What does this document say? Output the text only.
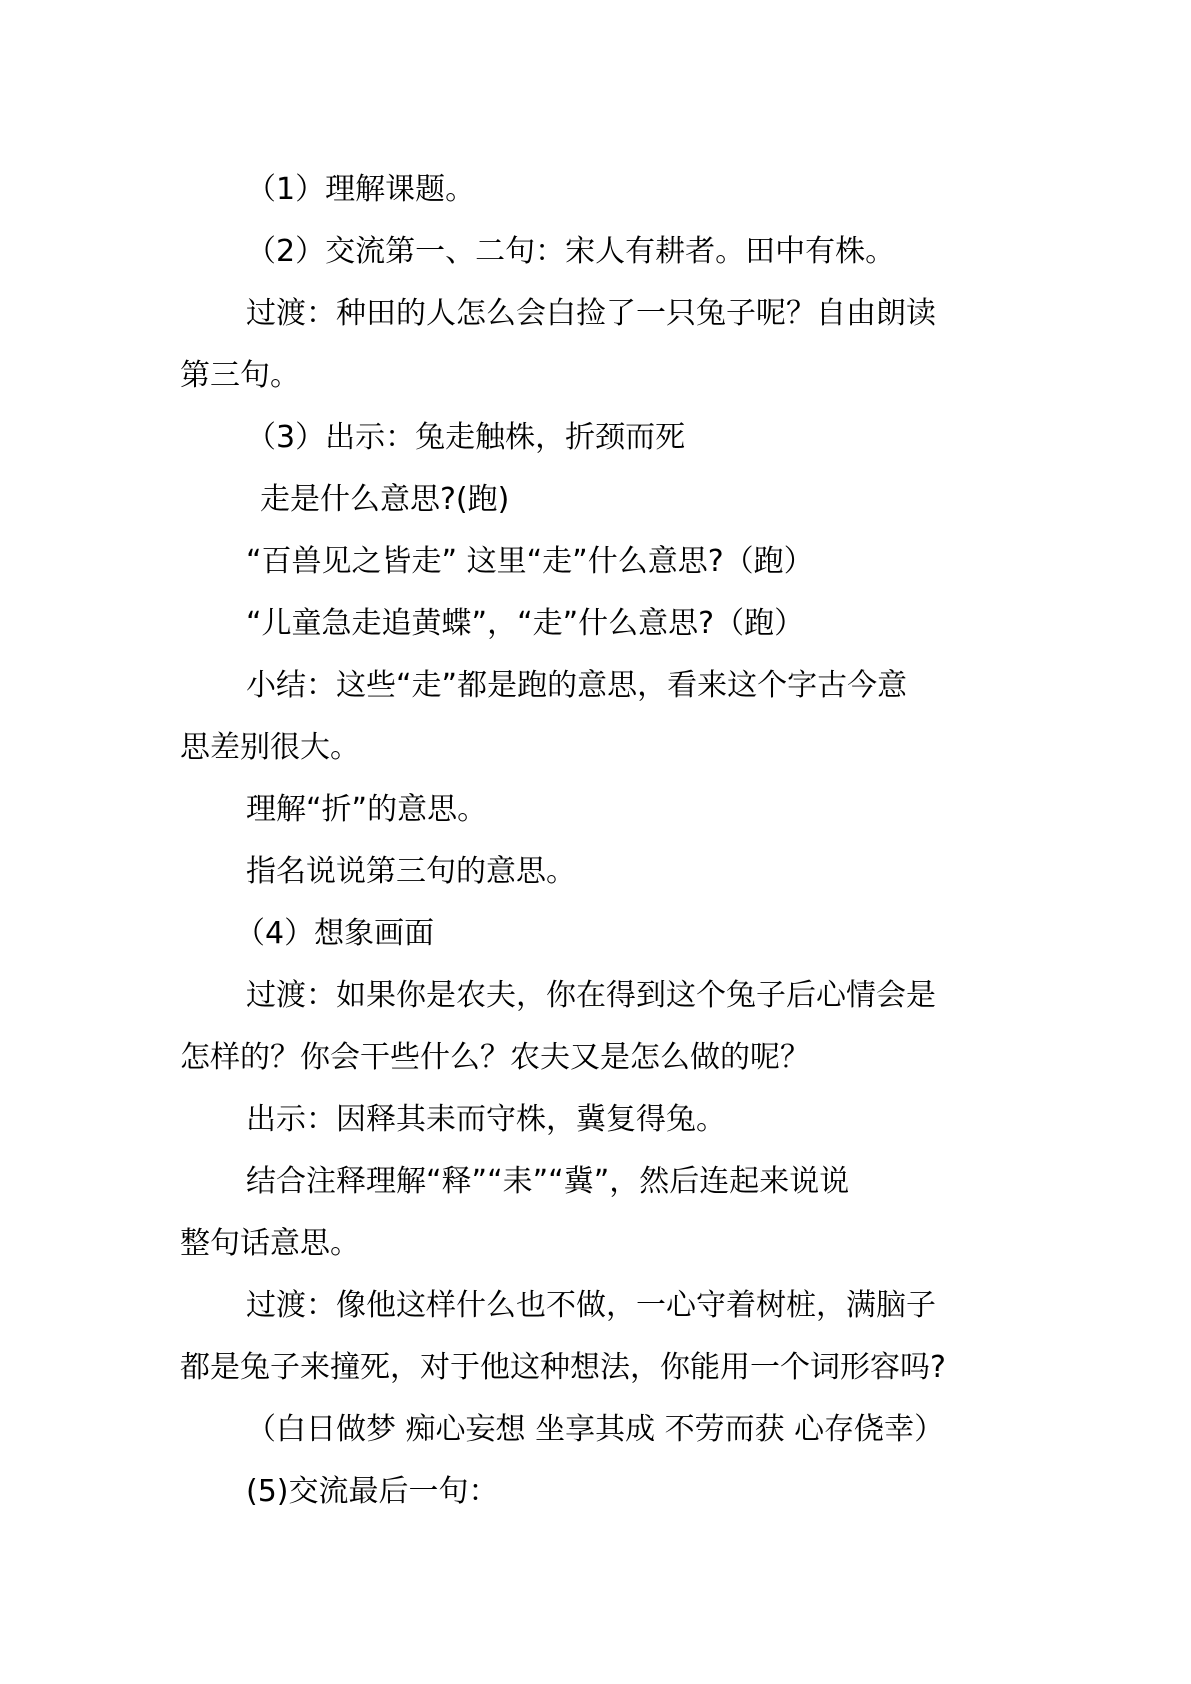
（1）理解课题。
（2）交流第一、二句：宋人有耕者。田中有株。
过渡：种田的人怎么会白捡了一只兔子呢？自由朗读
第三句。
（3）出示：兔走触株，折颈而死
走是什么意思?(跑)
“百兽见之皆走” 这里“走”什么意思?（跑）
“儿童急走追黄蝶”，“走”什么意思?（跑）
小结：这些“走”都是跑的意思，看来这个字古今意
思差别很大。
理解“折”的意思。
指名说说第三句的意思。
（4）想象画面
过渡：如果你是农夫，你在得到这个兔子后心情会是
怎样的？你会干些什么？农夫又是怎么做的呢？
出示：因释其耒而守株，冀复得兔。
结合注释理解“释”“耒”“冀”，然后连起来说说
整句话意思。
过渡：像他这样什么也不做，一心守着树桩，满脑子
都是兔子来撞死，对于他这种想法，你能用一个词形容吗?
（白日做梦 痴心妄想 坐享其成 不劳而获 心存侥幸）
(5)交流最后一句：
